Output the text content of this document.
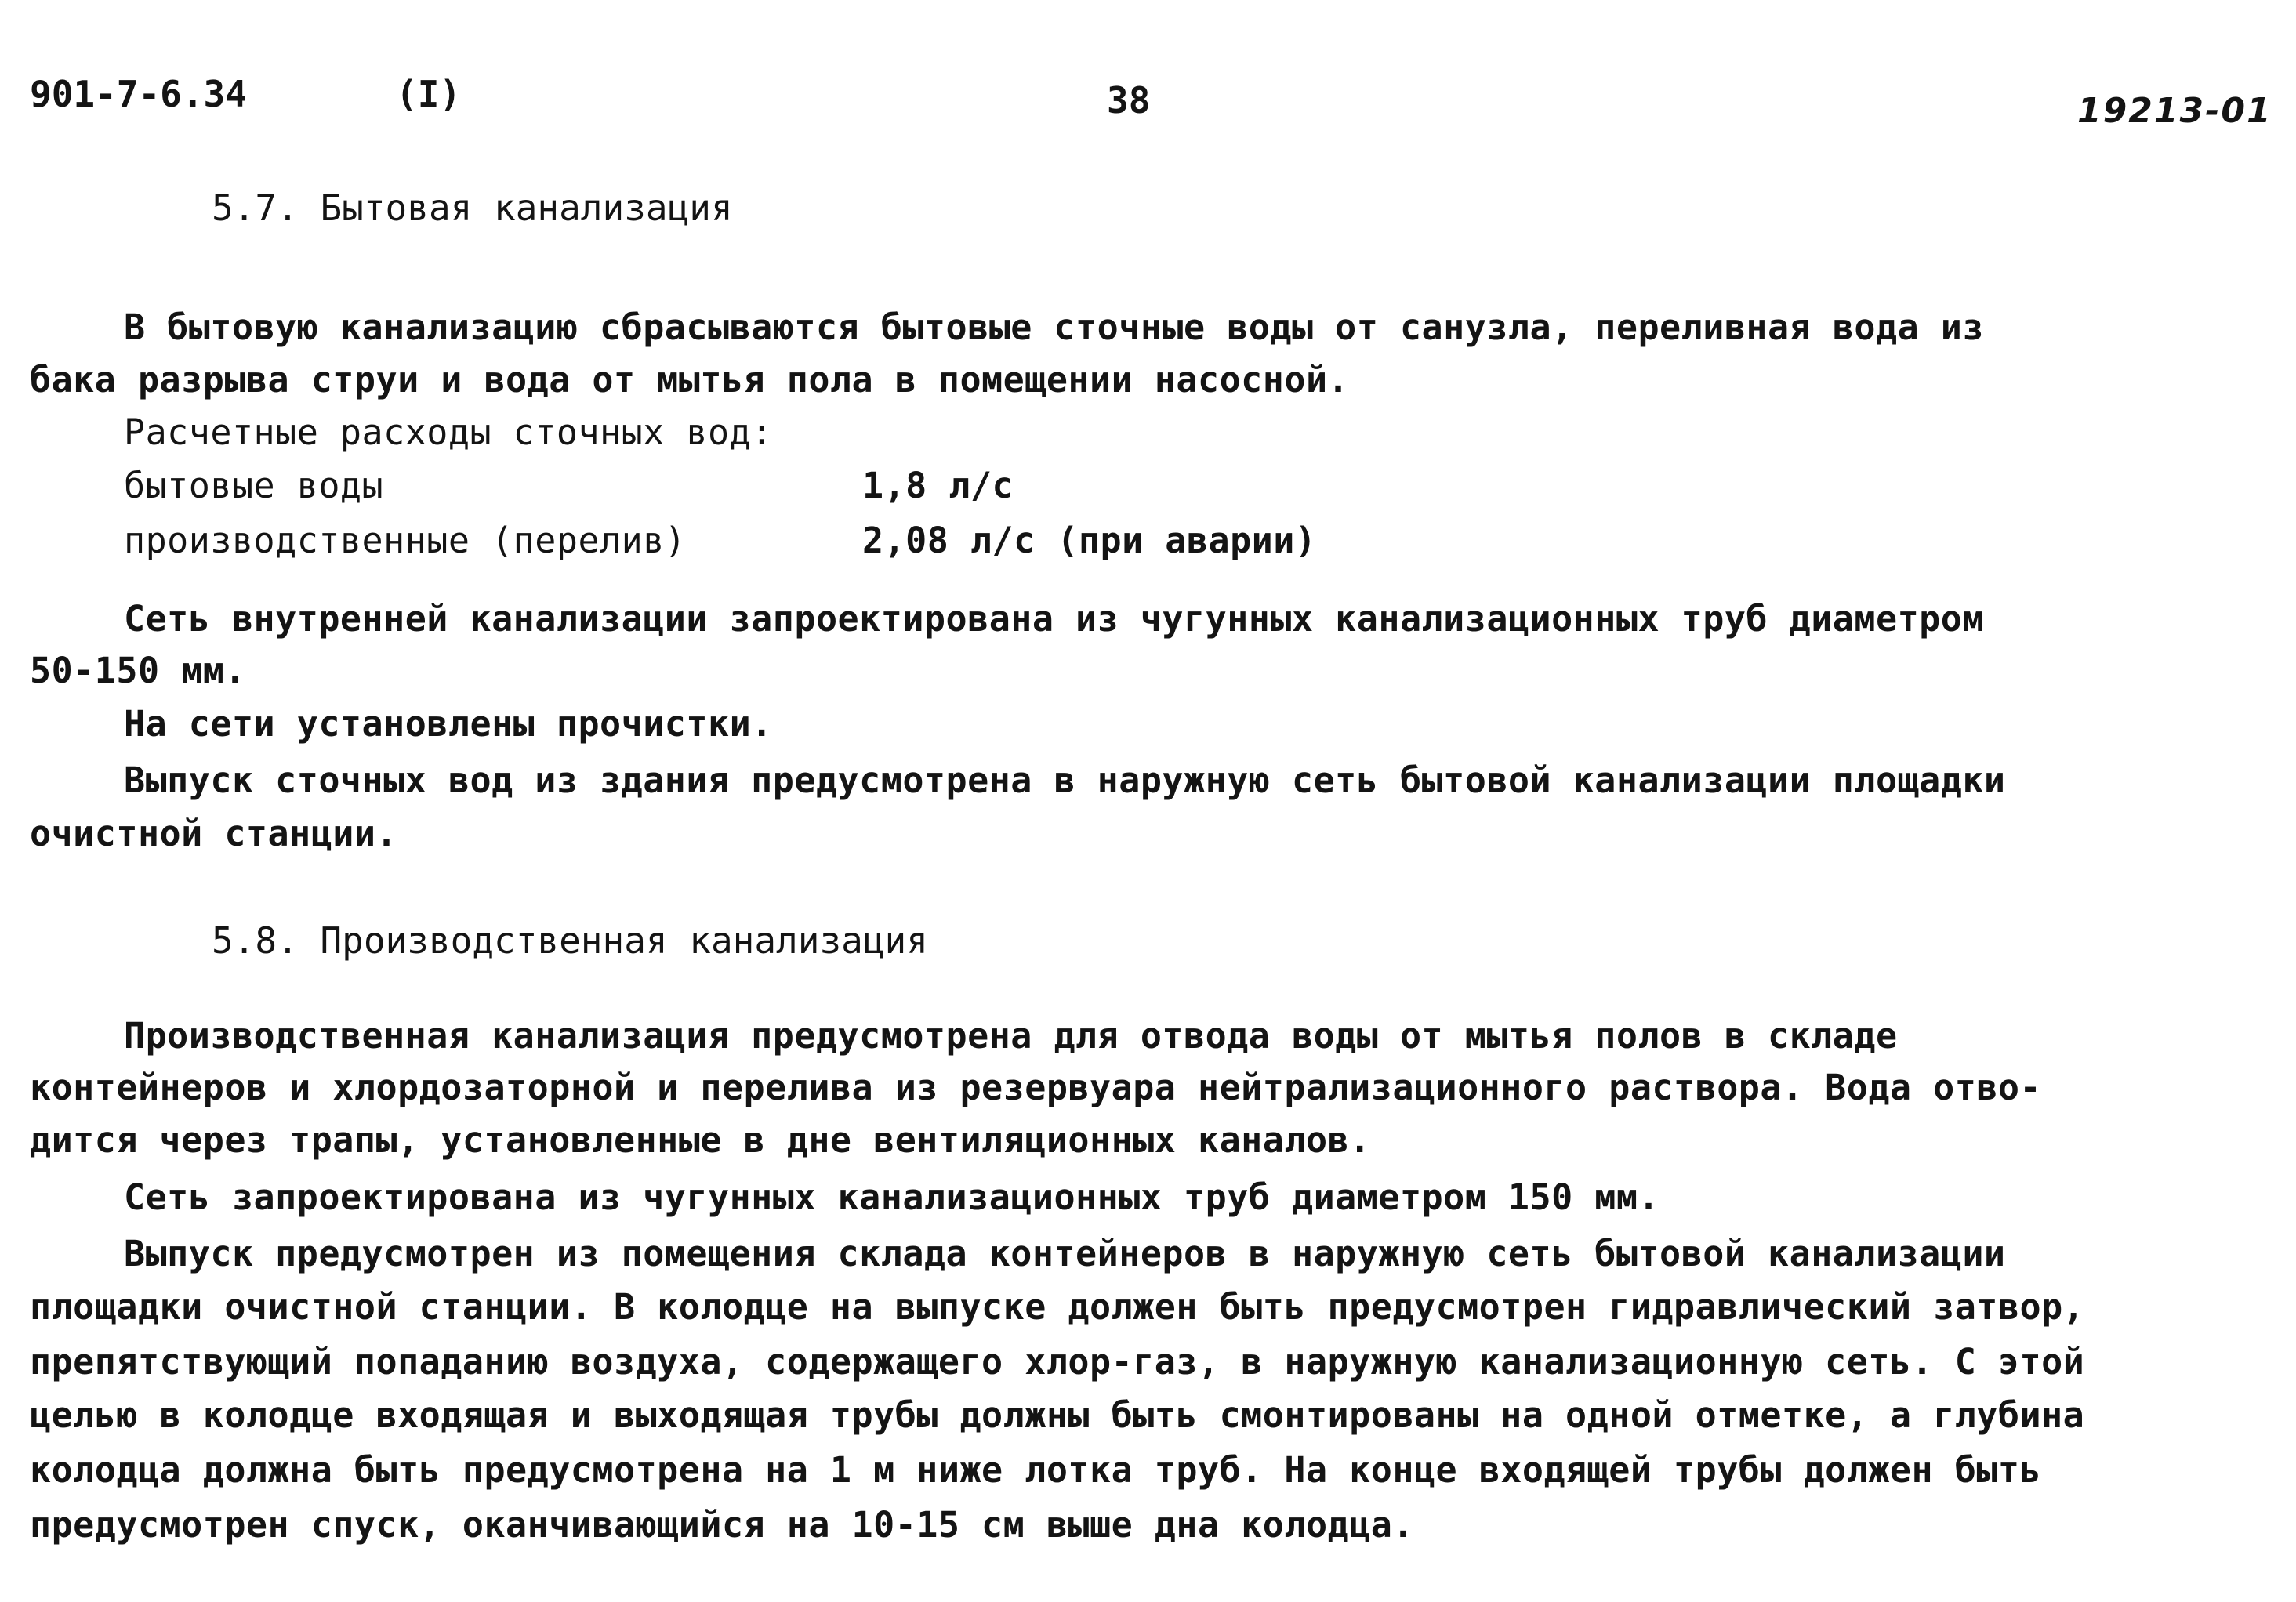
901-7-6.34	(I)	38	19213-01
5.7. Бытовая канализация
В бытовую канализацию сбрасываются бытовые сточные воды от санузла, переливная вода из
бака разрыва струи и вода от мытья пола в помещении насосной.
Расчетные расходы сточных вод:
бытовые воды	1,8 л/с
производственные (перелив)	2,08 л/с (при аварии)
Сеть внутренней канализации запроектирована из чугунных канализационных труб диаметром
50-150 мм.
На сети установлены прочистки.
Выпуск сточных вод из здания предусмотрена в наружную сеть бытовой канализации площадки
очистной станции.
5.8. Производственная канализация
Производственная канализация предусмотрена для отвода воды от мытья полов в складе
контейнеров и хлордозаторной и перелива из резервуара нейтрализационного раствора. Вода отво-
дится через трапы, установленные в дне вентиляционных каналов.
Сеть запроектирована из чугунных канализационных труб диаметром 150 мм.
Выпуск предусмотрен из помещения склада контейнеров в наружную сеть бытовой канализации
площадки очистной станции. В колодце на выпуске должен быть предусмотрен гидравлический затвор,
препятствующий попаданию воздуха, содержащего хлор-газ, в наружную канализационную сеть. С этой
целью в колодце входящая и выходящая трубы должны быть смонтированы на одной отметке, а глубина
колодца должна быть предусмотрена на 1 м ниже лотка труб. На конце входящей трубы должен быть
предусмотрен спуск, оканчивающийся на 10-15 см выше дна колодца.
